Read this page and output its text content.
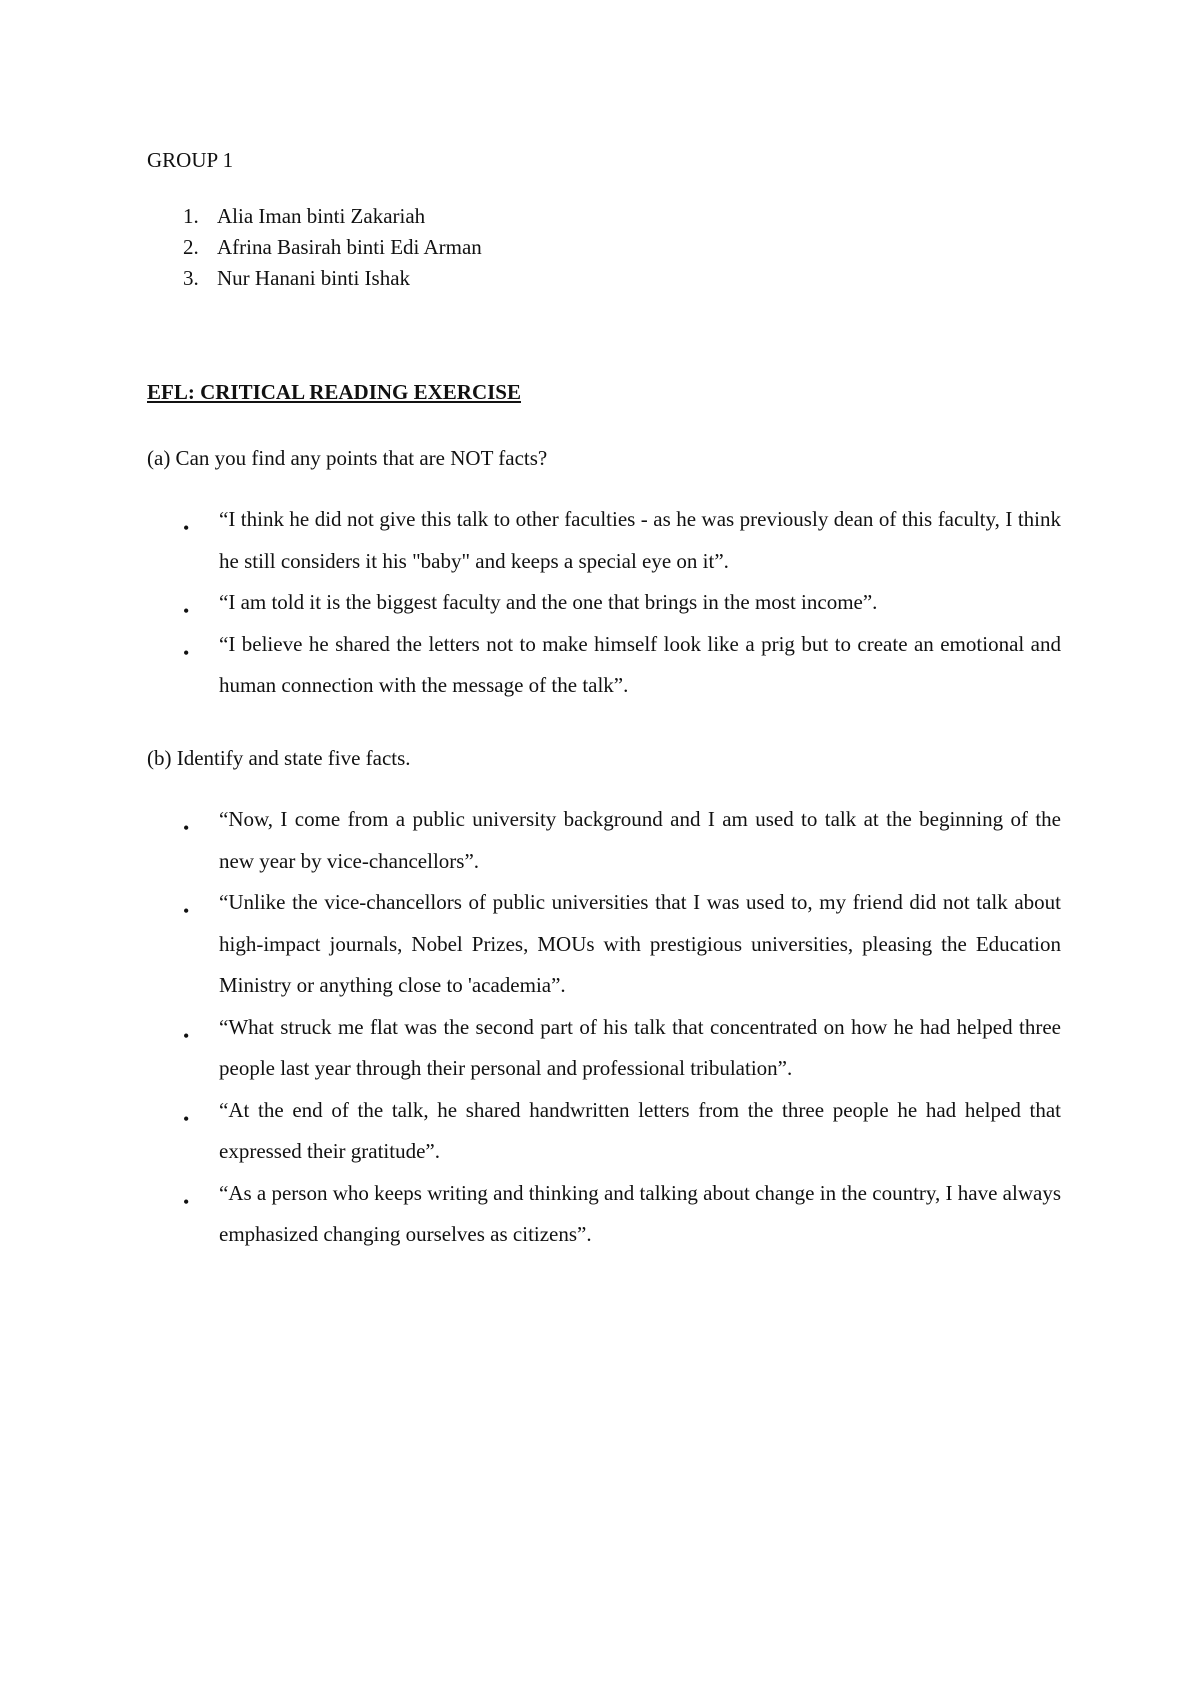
GROUP 1
1. Alia Iman binti Zakariah
2. Afrina Basirah binti Edi Arman
3. Nur Hanani binti Ishak
EFL: CRITICAL READING EXERCISE
(a) Can you find any points that are NOT facts?
• “I think he did not give this talk to other faculties - as he was previously dean of this faculty, I think he still considers it his "baby" and keeps a special eye on it”.
• “I am told it is the biggest faculty and the one that brings in the most income”.
• “I believe he shared the letters not to make himself look like a prig but to create an emotional and human connection with the message of the talk”.
(b) Identify and state five facts.
• “Now, I come from a public university background and I am used to talk at the beginning of the new year by vice-chancellors”.
• “Unlike the vice-chancellors of public universities that I was used to, my friend did not talk about high-impact journals, Nobel Prizes, MOUs with prestigious universities, pleasing the Education Ministry or anything close to 'academia”.
• “What struck me flat was the second part of his talk that concentrated on how he had helped three people last year through their personal and professional tribulation”.
• “At the end of the talk, he shared handwritten letters from the three people he had helped that expressed their gratitude”.
• “As a person who keeps writing and thinking and talking about change in the country, I have always emphasized changing ourselves as citizens”.
